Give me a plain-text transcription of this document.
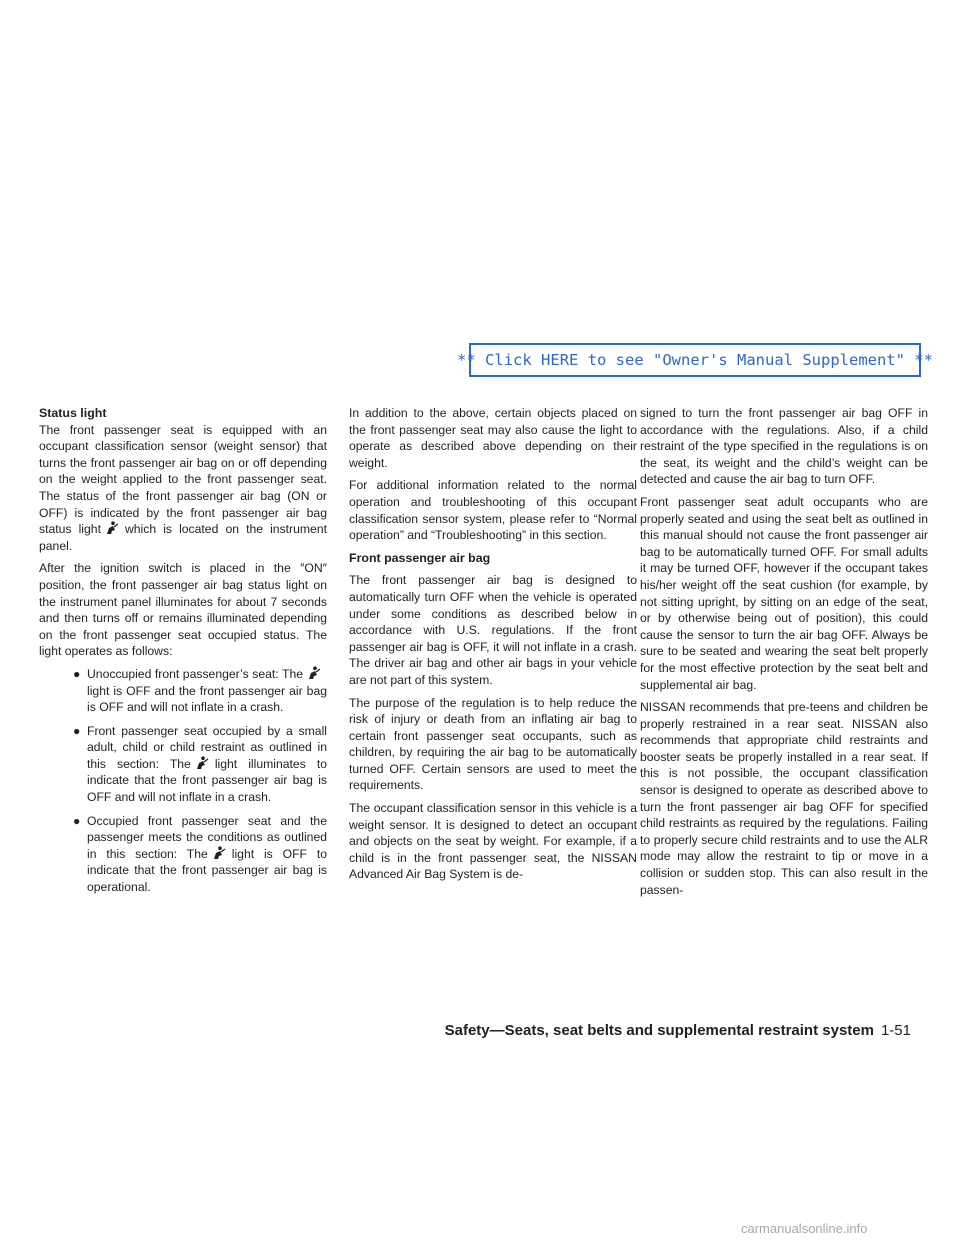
** Click HERE to see "Owner's Manual Supplement" **
Status light

The front passenger seat is equipped with an occupant classification sensor (weight sensor) that turns the front passenger air bag on or off depending on the weight applied to the front passenger seat. The status of the front passenger air bag (ON or OFF) is indicated by the front passenger air bag status light which is located on the instrument panel.

After the ignition switch is placed in the ″ON″ position, the front passenger air bag status light on the instrument panel illuminates for about 7 seconds and then turns off or remains illuminated depending on the front passenger seat occupied status. The light operates as follows:

● Unoccupied front passenger’s seat: Thelight is OFF and the front passenger air bag is OFF and will not inflate in a crash.
● Front passenger seat occupied by a small adult, child or child restraint as outlined in this section: The light illuminates to indicate that the front passenger air bag is OFF and will not inflate in a crash.
● Occupied front passenger seat and the passenger meets the conditions as outlined in this section: The light is OFF to indicate that the front passenger air bag is operational.

In addition to the above, certain objects placed on the front passenger seat may also cause the light to operate as described above depending on their weight.

For additional information related to the normal operation and troubleshooting of this occupant classification sensor system, please refer to “Normal operation” and “Troubleshooting” in this section.

Front passenger air bag

The front passenger air bag is designed to automatically turn OFF when the vehicle is operated under some conditions as described below in accordance with U.S. regulations. If the front passenger air bag is OFF, it will not inflate in a crash. The driver air bag and other air bags in your vehicle are not part of this system.

The purpose of the regulation is to help reduce the risk of injury or death from an inflating air bag to certain front passenger seat occupants, such as children, by requiring the air bag to be automatically turned OFF. Certain sensors are used to meet the requirements.

The occupant classification sensor in this vehicle is a weight sensor. It is designed to detect an occupant and objects on the seat by weight. For example, if a child is in the front passenger seat, the NISSAN Advanced Air Bag System is de-

signed to turn the front passenger air bag OFF in accordance with the regulations. Also, if a child restraint of the type specified in the regulations is on the seat, its weight and the child’s weight can be detected and cause the air bag to turn OFF.

Front passenger seat adult occupants who are properly seated and using the seat belt as outlined in this manual should not cause the front passenger air bag to be automatically turned OFF. For small adults it may be turned OFF, however if the occupant takes his/her weight off the seat cushion (for example, by not sitting upright, by sitting on an edge of the seat, or by otherwise being out of position), this could cause the sensor to turn the air bag OFF. Always be sure to be seated and wearing the seat belt properly for the most effective protection by the seat belt and supplemental air bag.

NISSAN recommends that pre-teens and children be properly restrained in a rear seat. NISSAN also recommends that appropriate child restraints and booster seats be properly installed in a rear seat. If this is not possible, the occupant classification sensor is designed to operate as described above to turn the front passenger air bag OFF for specified child restraints as required by the regulations. Failing to properly secure child restraints and to use the ALR mode may allow the restraint to tip or move in a collision or sudden stop. This can also result in the passen-

Safety—Seats, seat belts and supplemental restraint system 1-51
carmanualsonline.info
